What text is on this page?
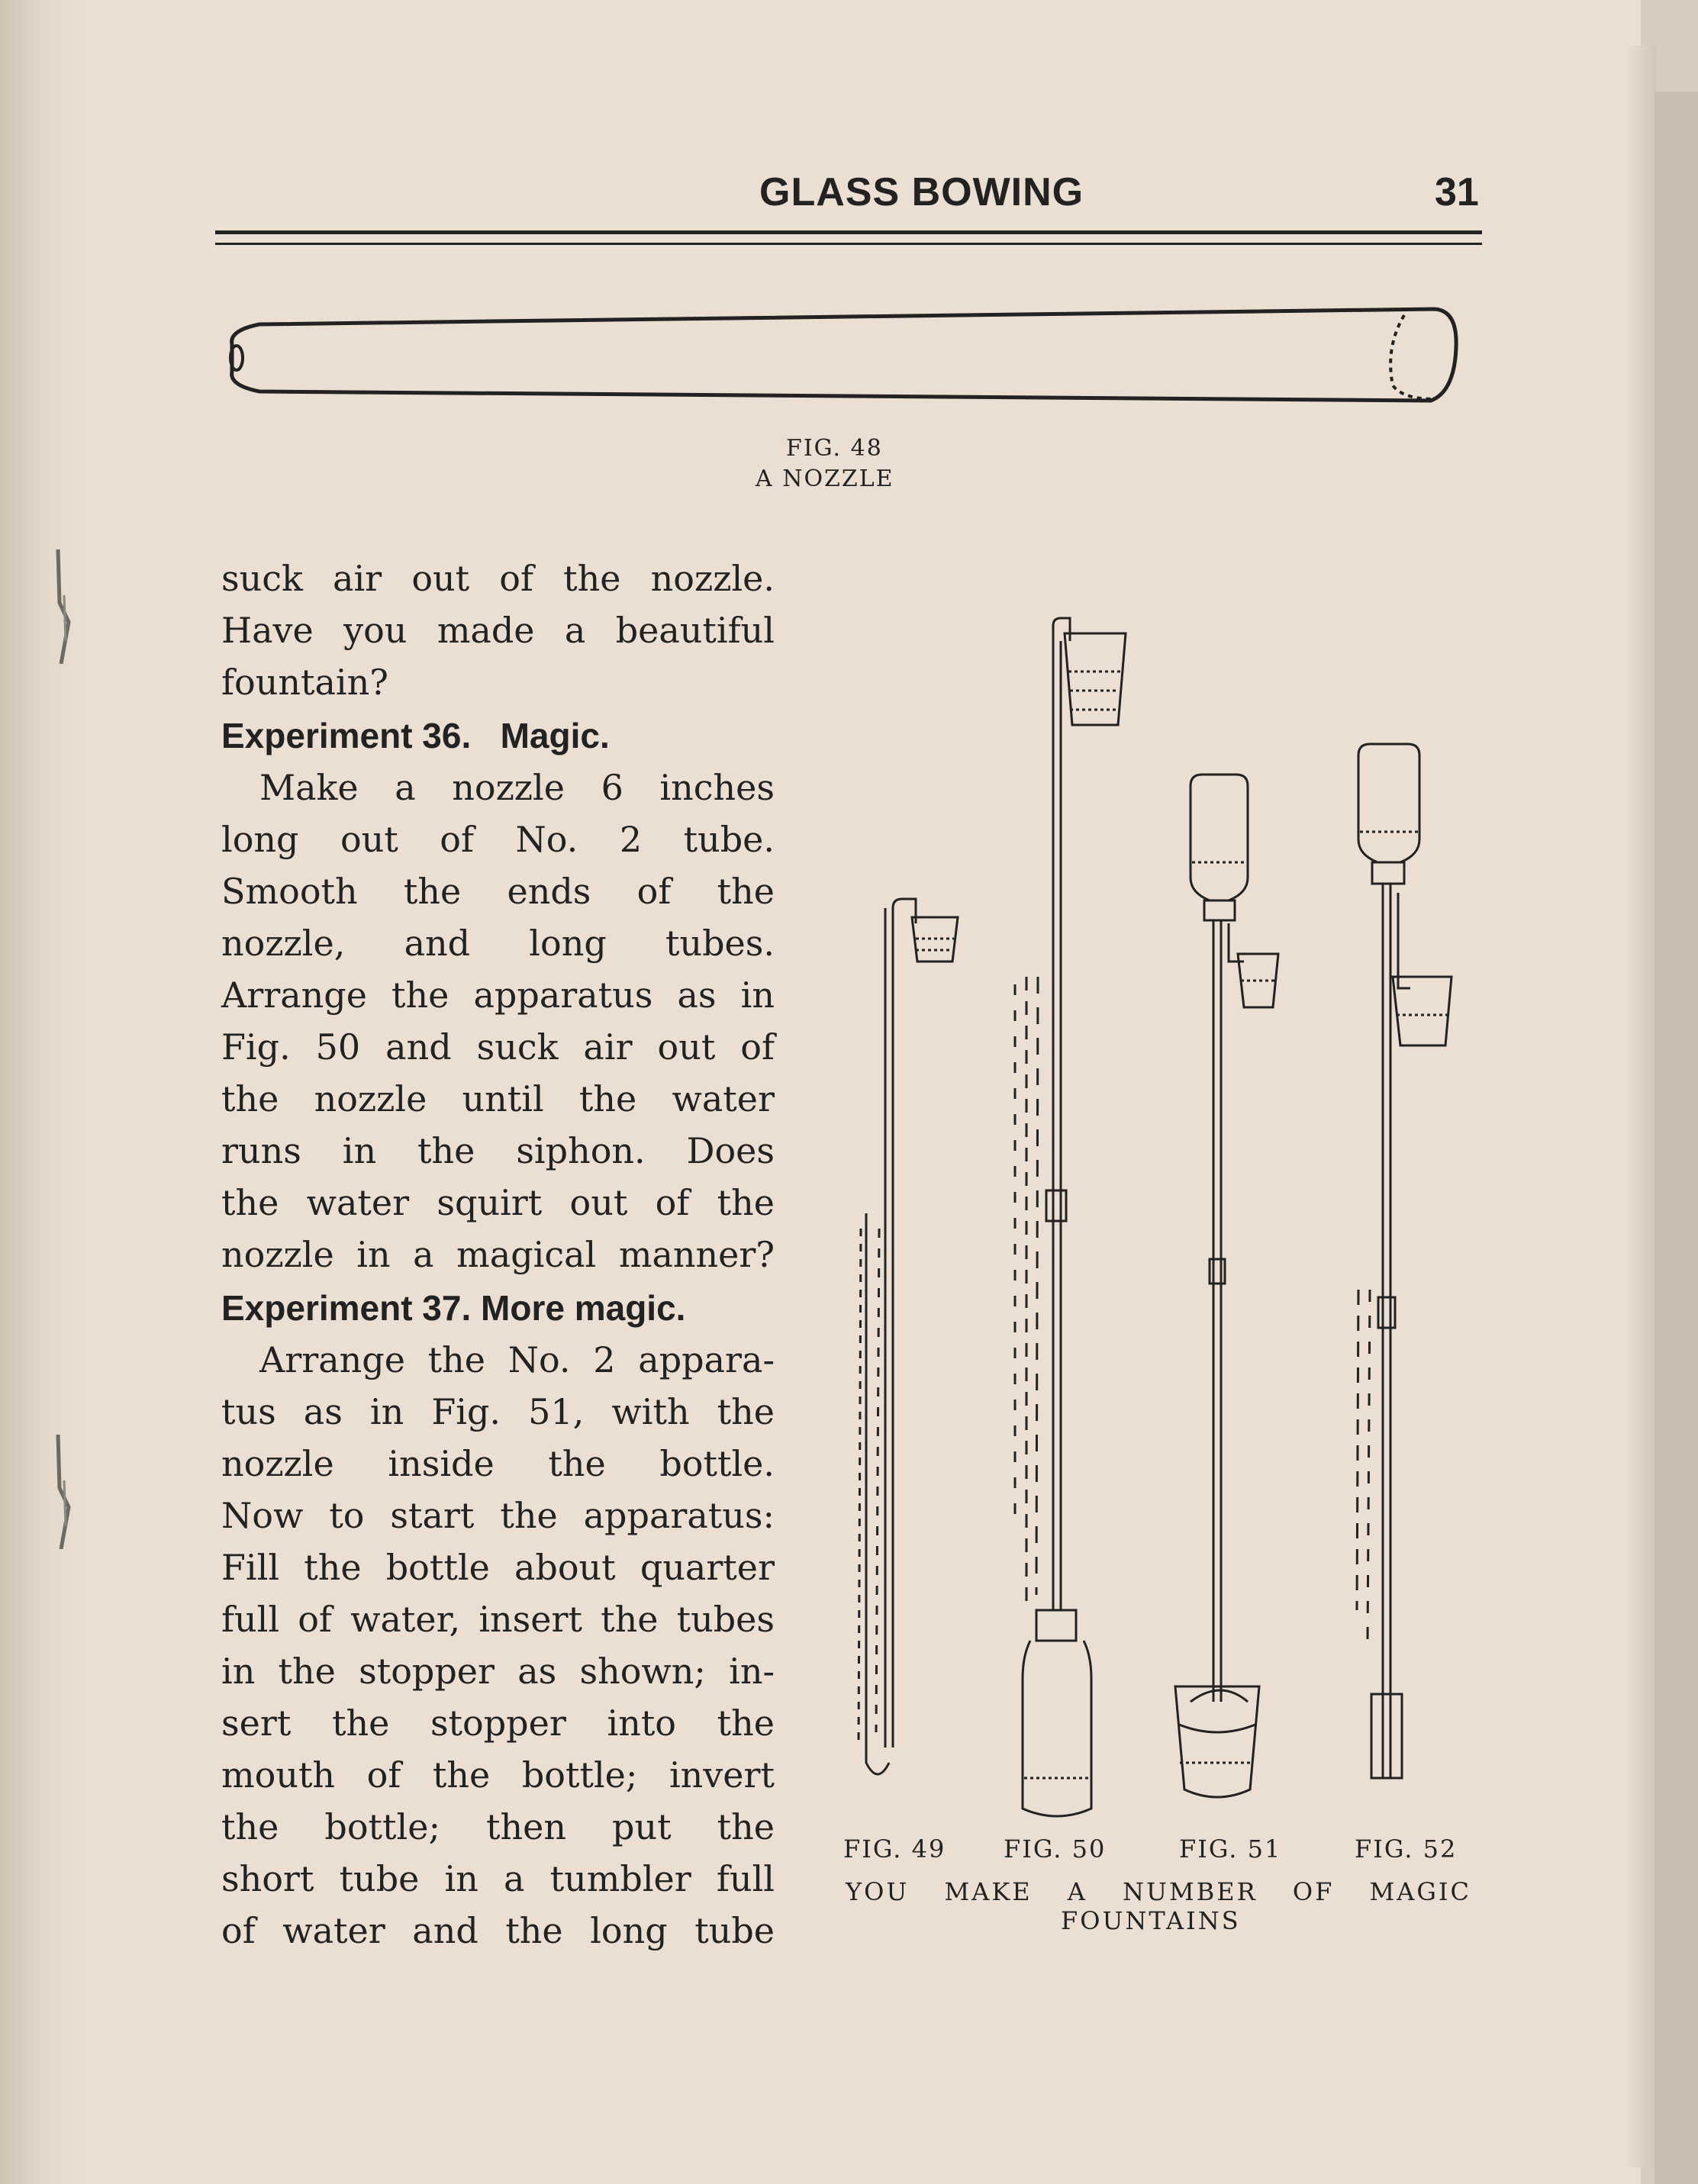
GLASS BOWING	31
FIG. 48
A NOZZLE
suck air out of the nozzle.
Have you made a beautiful
fountain?
Experiment 36.   Magic.
Make a nozzle 6 inches
long out of No. 2 tube.
Smooth the ends of the
nozzle, and long tubes.
Arrange the apparatus as in
Fig. 50 and suck air out of
the nozzle until the water
runs in the siphon. Does
the water squirt out of the
nozzle in a magical manner?
Experiment 37. More magic.
Arrange the No. 2 appara-
tus as in Fig. 51, with the
nozzle inside the bottle.
Now to start the apparatus:
Fill the bottle about quarter
full of water, insert the tubes
in the stopper as shown; in-
sert the stopper into the
mouth of the bottle; invert
the bottle; then put the
short tube in a tumbler full
of water and the long tube
FIG. 49 FIG. 50	FIG. 51	FIG. 52
YOU MAKE A NUMBER OF MAGIC
FOUNTAINS
